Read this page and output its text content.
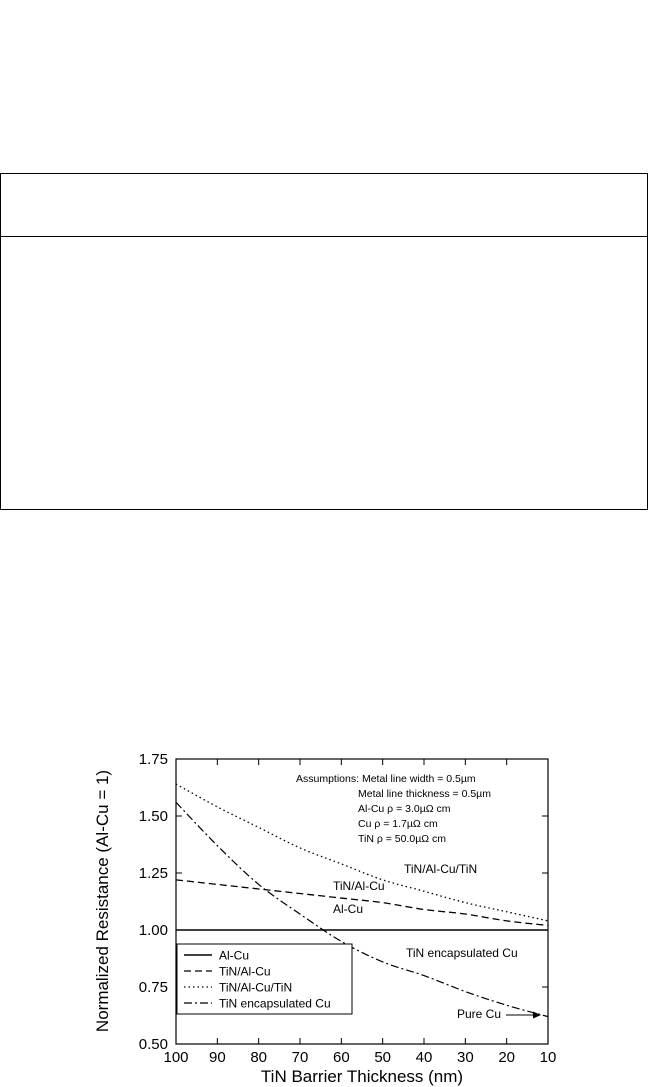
100 90 80 70 60 50 40 30 20 10
0.50
0.75
1.00
1.25
1.50
1.75
TiN Barrier Thickness (nm)
Normalized Resistance (Al-Cu = 1)	Assumptions: Metal line width = 0.5µm
Metal line thickness = 0.5µm
Al-Cu ρ = 3.0µΩ cm
Cu ρ = 1.7µΩ cm
TiN ρ = 50.0µΩ cm
TiN/Al-Cu/TiN
TiN/Al-Cu
Al-Cu
TiN encapsulated Cu
Pure Cu
Al-Cu
TiN/Al-Cu
TiN/Al-Cu/TiN
TiN encapsulated Cu
